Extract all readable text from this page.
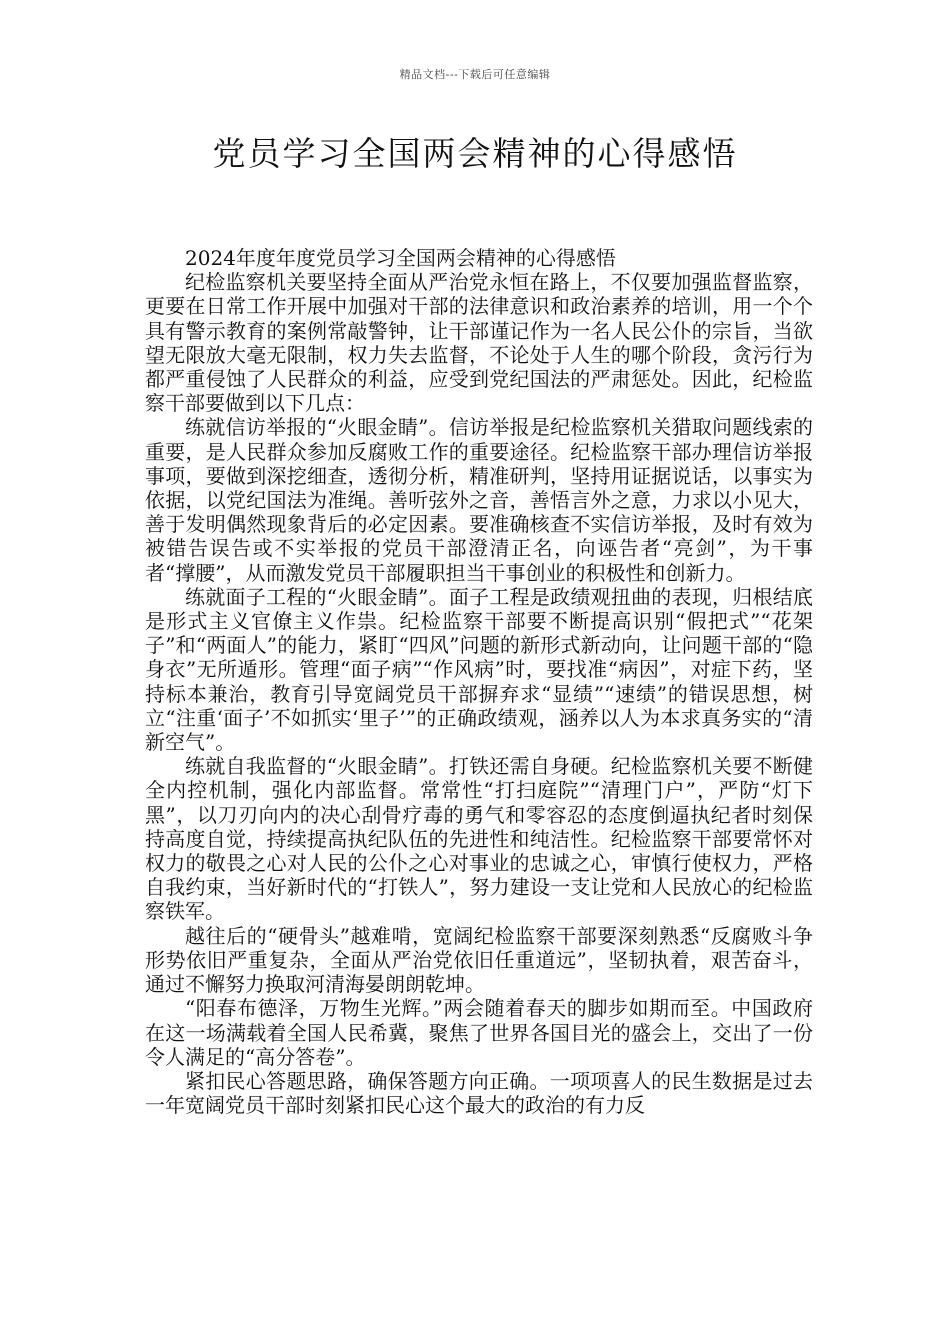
精品文档---下载后可任意编辑
党员学习全国两会精神的心得感悟

2024年度年度党员学习全国两会精神的心得感悟

纪检监察机关要坚持全面从严治党永恒在路上，不仅要加强监督监察，更要在日常工作开展中加强对干部的法律意识和政治素养的培训，用一个个具有警示教育的案例常敲警钟，让干部谨记作为一名人民公仆的宗旨，当欲望无限放大毫无限制，权力失去监督，不论处于人生的哪个阶段，贪污行为都严重侵蚀了人民群众的利益，应受到党纪国法的严肃惩处。因此，纪检监察干部要做到以下几点：

练就信访举报的“火眼金睛”。信访举报是纪检监察机关猎取问题线索的重要，是人民群众参加反腐败工作的重要途径。纪检监察干部办理信访举报事项，要做到深挖细查，透彻分析，精准研判，坚持用证据说话，以事实为依据，以党纪国法为准绳。善听弦外之音，善悟言外之意，力求以小见大，善于发明偶然现象背后的必定因素。要准确核查不实信访举报，及时有效为被错告误告或不实举报的党员干部澄清正名，向诬告者“亮剑”，为干事者“撑腰”，从而激发党员干部履职担当干事创业的积极性和创新力。

练就面子工程的“火眼金睛”。面子工程是政绩观扭曲的表现，归根结底是形式主义官僚主义作祟。纪检监察干部要不断提高识别“假把式”“花架子”和“两面人”的能力，紧盯“四风”问题的新形式新动向，让问题干部的“隐身衣”无所遁形。管理“面子病”“作风病”时，要找准“病因”，对症下药，坚持标本兼治，教育引导宽阔党员干部摒弃求“显绩”“速绩”的错误思想，树立“注重‘面子’不如抓实‘里子’”的正确政绩观，涵养以人为本求真务实的“清新空气”。

练就自我监督的“火眼金睛”。打铁还需自身硬。纪检监察机关要不断健全内控机制，强化内部监督。常常性“打扫庭院”“清理门户”，严防“灯下黑”，以刀刃向内的决心刮骨疗毒的勇气和零容忍的态度倒逼执纪者时刻保持高度自觉，持续提高执纪队伍的先进性和纯洁性。纪检监察干部要常怀对权力的敬畏之心对人民的公仆之心对事业的忠诚之心，审慎行使权力，严格自我约束，当好新时代的“打铁人”，努力建设一支让党和人民放心的纪检监察铁军。

越往后的“硬骨头”越难啃，宽阔纪检监察干部要深刻熟悉“反腐败斗争形势依旧严重复杂，全面从严治党依旧任重道远”，坚韧执着，艰苦奋斗，通过不懈努力换取河清海晏朗朗乾坤。

“阳春布德泽，万物生光辉。”两会随着春天的脚步如期而至。中国政府在这一场满载着全国人民希冀，聚焦了世界各国目光的盛会上，交出了一份令人满足的“高分答卷”。

紧扣民心答题思路，确保答题方向正确。一项项喜人的民生数据是过去一年宽阔党员干部时刻紧扣民心这个最大的政治的有力反
